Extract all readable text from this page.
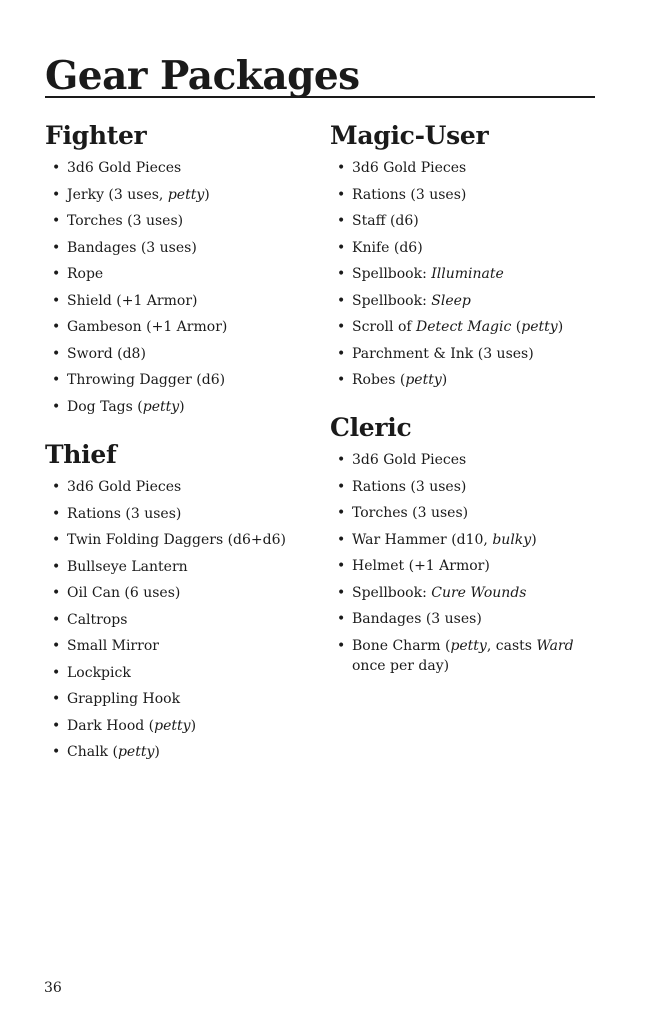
Gear Packages
Fighter
• 3d6 Gold Pieces
• Jerky (3 uses, petty)
• Torches (3 uses)
• Bandages (3 uses)
• Rope
• Shield (+1 Armor)
• Gambeson (+1 Armor)
• Sword (d8)
• Throwing Dagger (d6)
• Dog Tags (petty)
Thief
• 3d6 Gold Pieces
• Rations (3 uses)
• Twin Folding Daggers (d6+d6)
• Bullseye Lantern
• Oil Can (6 uses)
• Caltrops
• Small Mirror
• Lockpick
• Grappling Hook
• Dark Hood (petty)
• Chalk (petty)
Magic-User
• 3d6 Gold Pieces
• Rations (3 uses)
• Staff (d6)
• Knife (d6)
• Spellbook: Illuminate
• Spellbook: Sleep
• Scroll of Detect Magic (petty)
• Parchment & Ink (3 uses)
• Robes (petty)
Cleric
• 3d6 Gold Pieces
• Rations (3 uses)
• Torches (3 uses)
• War Hammer (d10, bulky)
• Helmet (+1 Armor)
• Spellbook: Cure Wounds
• Bandages (3 uses)
• Bone Charm (petty, casts Ward once per day)
36
